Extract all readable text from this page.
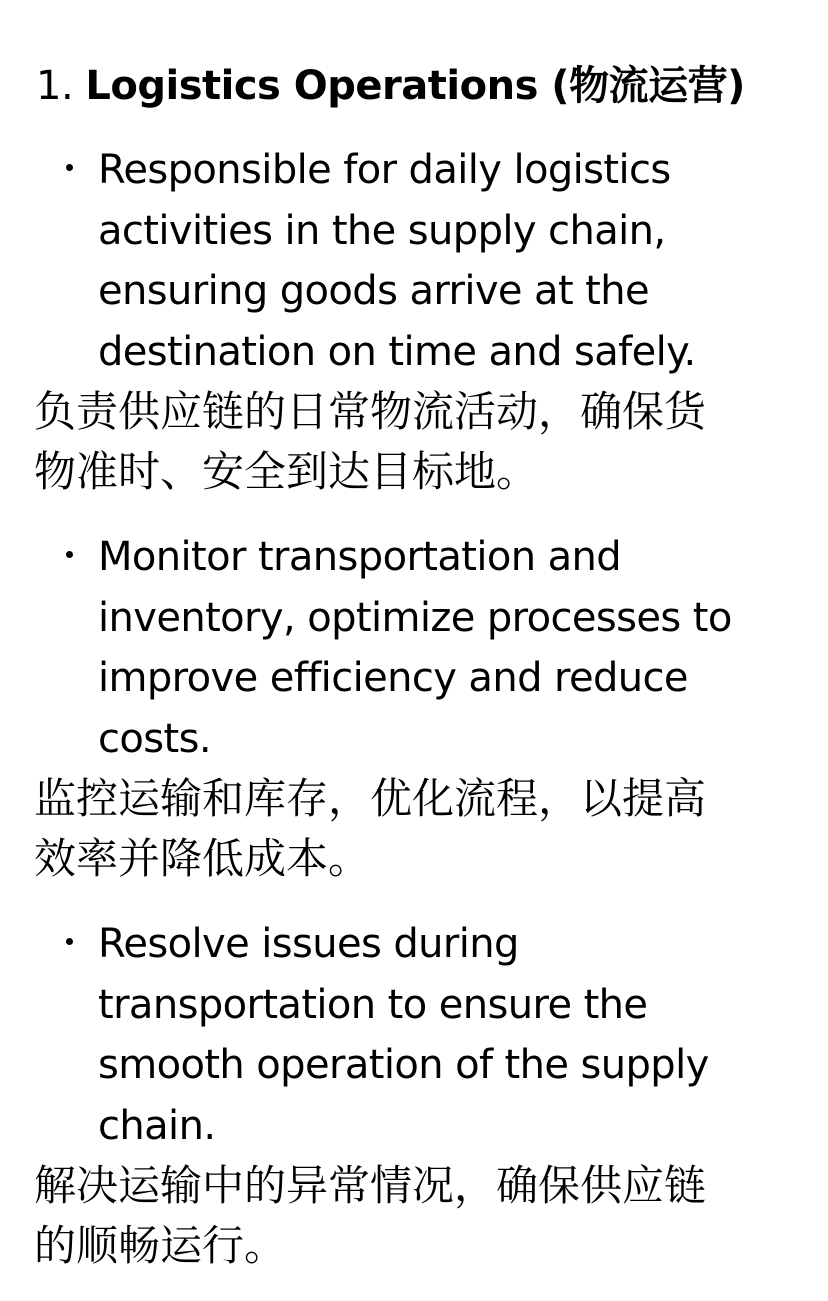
1. Logistics Operations (物流运营)
Responsible for daily logistics
activities in the supply chain,
ensuring goods arrive at the
destination on time and safely.
负责供应链的日常物流活动，确保货
物准时、安全到达目标地。
Monitor transportation and
inventory, optimize processes to
improve efficiency and reduce
costs.
监控运输和库存，优化流程，以提高
效率并降低成本。
Resolve issues during
transportation to ensure the
smooth operation of the supply
chain.
解决运输中的异常情况，确保供应链
的顺畅运行。
